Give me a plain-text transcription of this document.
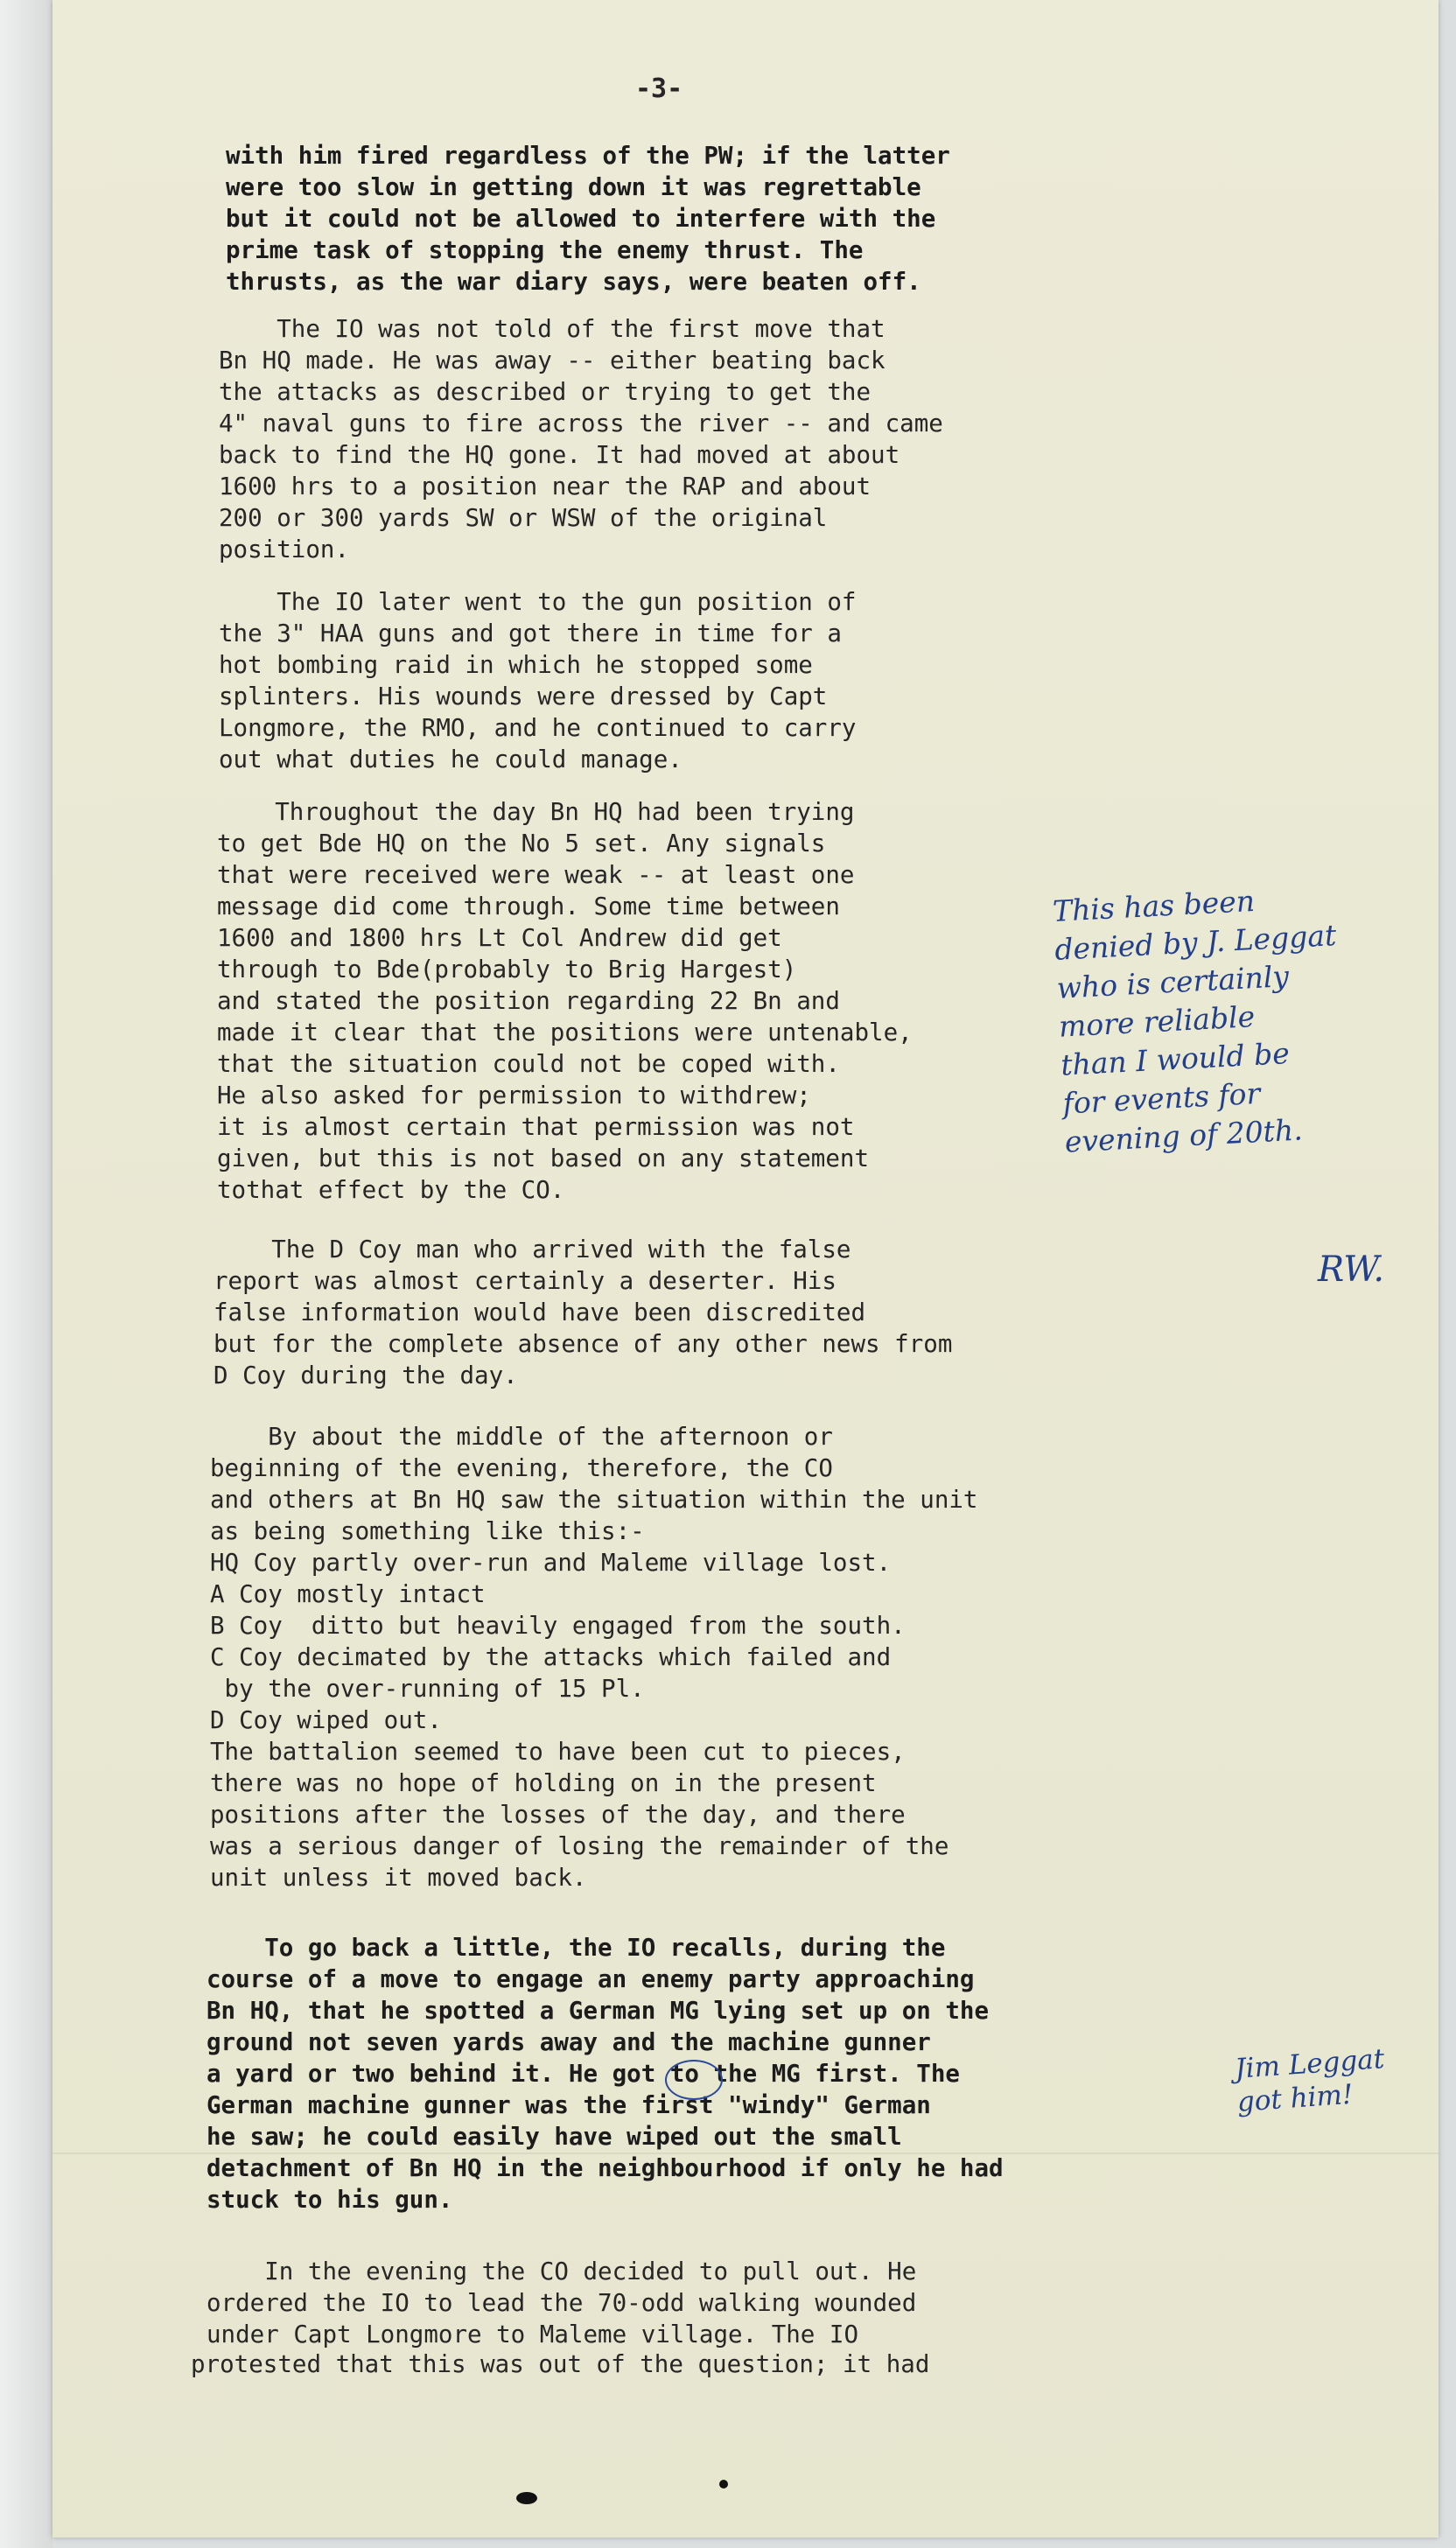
-3-

with him fired regardless of the PW; if the latter
were too slow in getting down it was regrettable
but it could not be allowed to interfere with the
prime task of stopping the enemy thrust. The
thrusts, as the war diary says, were beaten off.

The IO was not told of the first move that
Bn HQ made. He was away -- either beating back
the attacks as described or trying to get the
4" naval guns to fire across the river -- and came
back to find the HQ gone. It had moved at about
1600 hrs to a position near the RAP and about
200 or 300 yards SW or WSW of the original
position.

The IO later went to the gun position of
the 3" HAA guns and got there in time for a
hot bombing raid in which he stopped some
splinters. His wounds were dressed by Capt
Longmore, the RMO, and he continued to carry
out what duties he could manage.

Throughout the day Bn HQ had been trying
to get Bde HQ on the No 5 set. Any signals
that were received were weak -- at least one
message did come through. Some time between
1600 and 1800 hrs Lt Col Andrew did get
through to Bde(probably to Brig Hargest)
and stated the position regarding 22 Bn and
made it clear that the positions were untenable,
that the situation could not be coped with.
He also asked for permission to withdrew;
it is almost certain that permission was not
given, but this is not based on any statement
tothat effect by the CO.

The D Coy man who arrived with the false
report was almost certainly a deserter. His
false information would have been discredited
but for the complete absence of any other news from
D Coy during the day.

By about the middle of the afternoon or
beginning of the evening, therefore, the CO
and others at Bn HQ saw the situation within the unit
as being something like this:-
HQ Coy partly over-run and Maleme village lost.
A Coy mostly intact
B Coy  ditto but heavily engaged from the south.
C Coy decimated by the attacks which failed and
by the over-running of 15 Pl.
D Coy wiped out.
The battalion seemed to have been cut to pieces,
there was no hope of holding on in the present
positions after the losses of the day, and there
was a serious danger of losing the remainder of the
unit unless it moved back.

To go back a little, the IO recalls, during the
course of a move to engage an enemy party approaching
Bn HQ, that he spotted a German MG lying set up on the
ground not seven yards away and the machine gunner
a yard or two behind it. He got to the MG first. The
German machine gunner was the first "windy" German
he saw; he could easily have wiped out the small
detachment of Bn HQ in the neighbourhood if only he had
stuck to his gun.

In the evening the CO decided to pull out. He
ordered the IO to lead the 70-odd walking wounded
under Capt Longmore to Maleme village. The IO

protested that this was out of the question; it had

This has been
denied by J. Leggat
who is certainly
more reliable
than I would be
for events for
evening of 20th.

RW.

Jim Leggat
got him!
